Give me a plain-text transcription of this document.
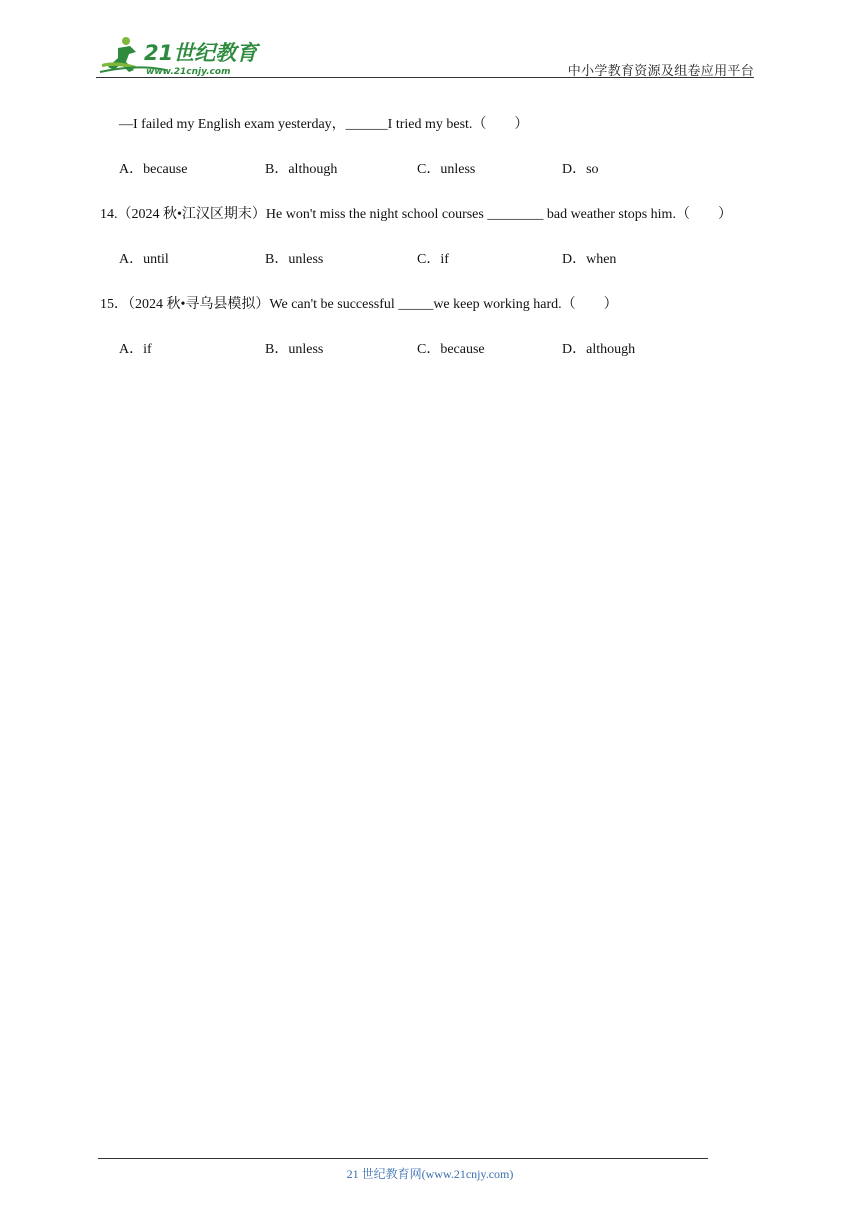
21世纪教育
www.21cnjy.com	中小学教育资源及组卷应用平台
—I failed my English exam yesterday，______I tried my best.（　　）
A．because	B．although	C．unless	D．so
14.（2024 秋•江汉区期末）He won't miss the night school courses ________ bad weather stops him.（　　）
A．until	B．unless	C．if	D．when
15．（2024 秋•寻乌县模拟）We can't be successful _____we keep working hard.（　　）
A．if	B．unless	C．because	D．although
21 世纪教育网(www.21cnjy.com)
